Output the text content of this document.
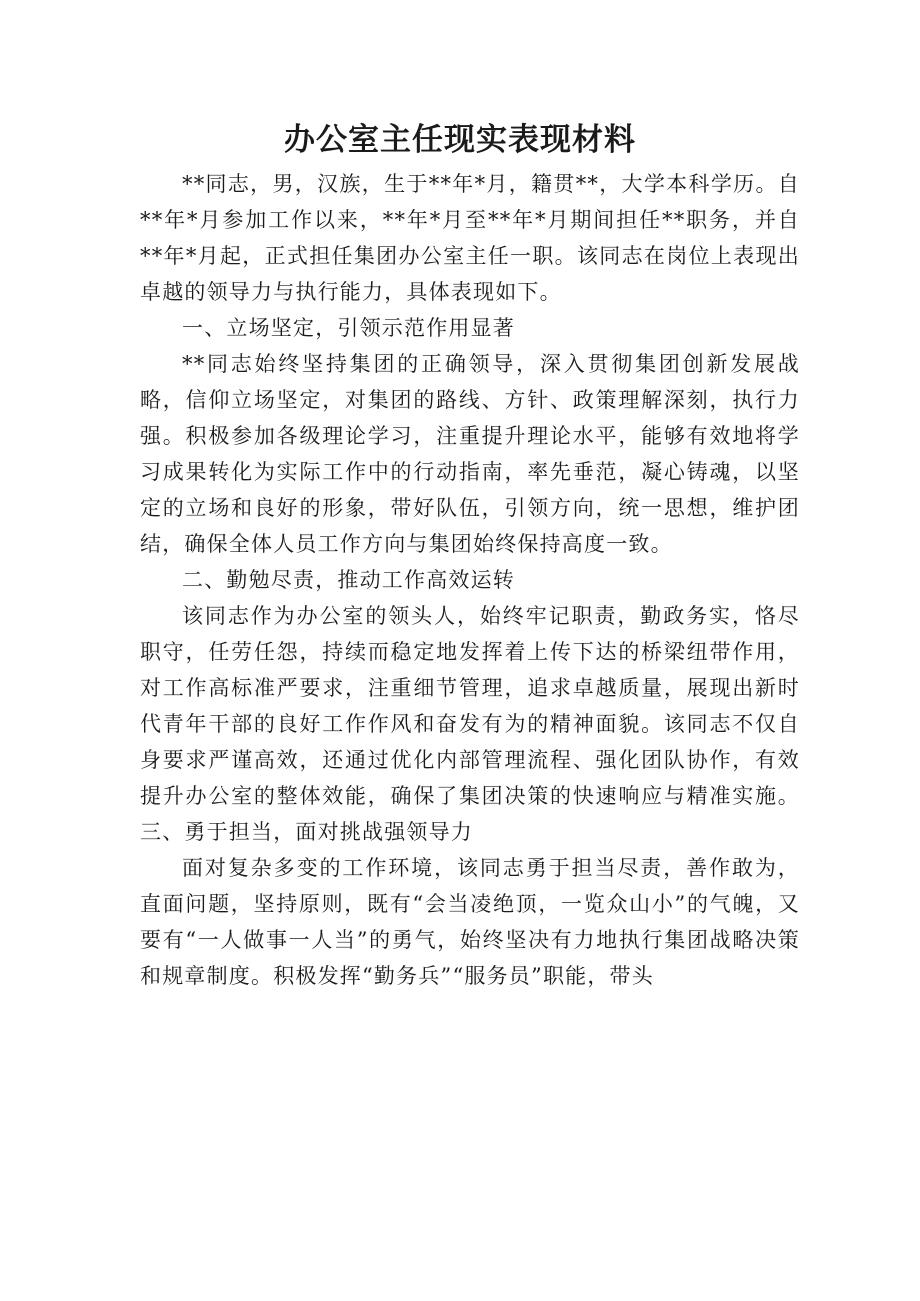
办公室主任现实表现材料

**同志，男，汉族，生于**年*月，籍贯**，大学本科学历。自**年*月参加工作以来，**年*月至**年*月期间担任**职务，并自**年*月起，正式担任集团办公室主任一职。该同志在岗位上表现出卓越的领导力与执行能力，具体表现如下。

一、立场坚定，引领示范作用显著

**同志始终坚持集团的正确领导，深入贯彻集团创新发展战略，信仰立场坚定，对集团的路线、方针、政策理解深刻，执行力强。积极参加各级理论学习，注重提升理论水平，能够有效地将学习成果转化为实际工作中的行动指南，率先垂范，凝心铸魂，以坚定的立场和良好的形象，带好队伍，引领方向，统一思想，维护团结，确保全体人员工作方向与集团始终保持高度一致。

二、勤勉尽责，推动工作高效运转

该同志作为办公室的领头人，始终牢记职责，勤政务实，恪尽职守，任劳任怨，持续而稳定地发挥着上传下达的桥梁纽带作用，对工作高标准严要求，注重细节管理，追求卓越质量，展现出新时代青年干部的良好工作作风和奋发有为的精神面貌。该同志不仅自身要求严谨高效，还通过优化内部管理流程、强化团队协作，有效提升办公室的整体效能，确保了集团决策的快速响应与精准实施。三、勇于担当，面对挑战强领导力

面对复杂多变的工作环境，该同志勇于担当尽责，善作敢为，直面问题，坚持原则，既有“会当凌绝顶，一览众山小”的气魄，又要有“一人做事一人当”的勇气，始终坚决有力地执行集团战略决策和规章制度。积极发挥“勤务兵”“服务员”职能，带头
